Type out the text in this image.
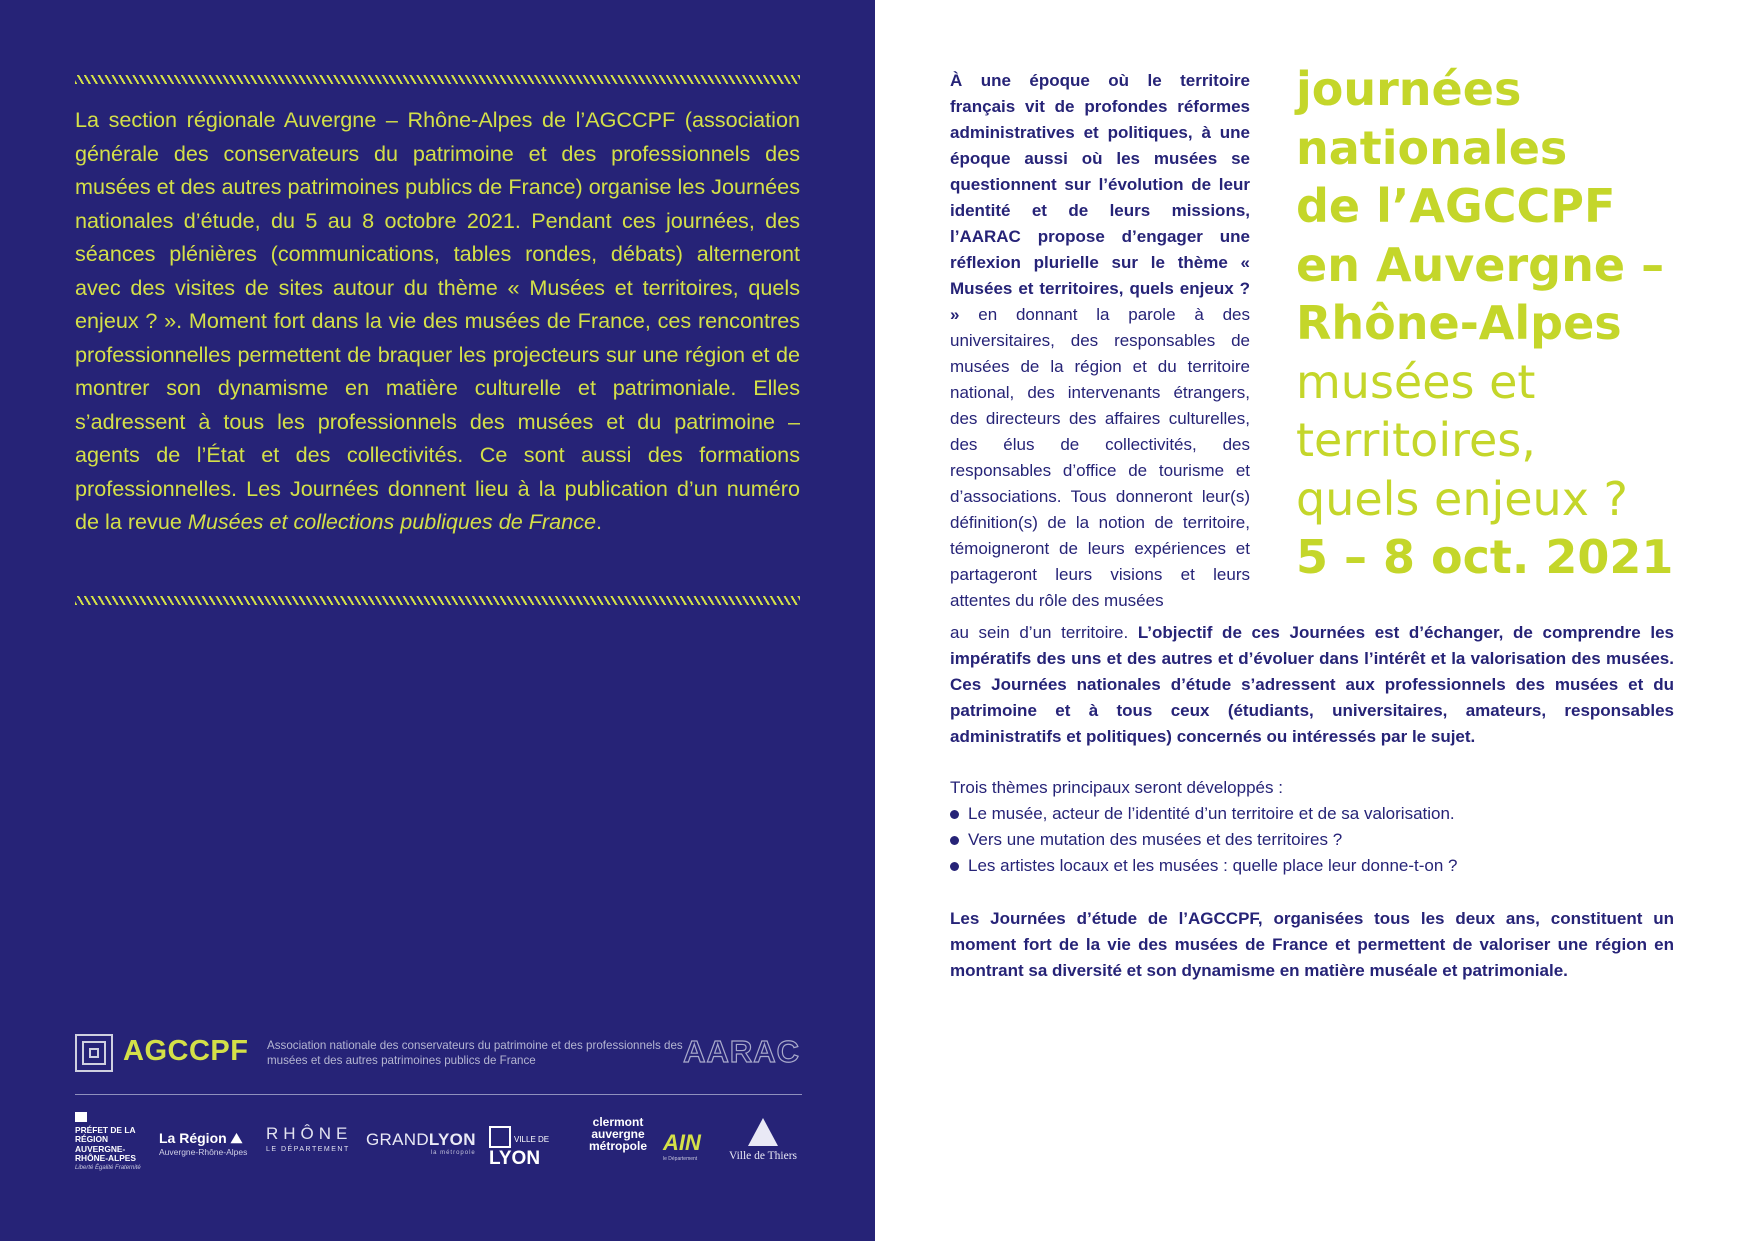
La section régionale Auvergne – Rhône-Alpes de l’AGCCPF (association générale des conservateurs du patrimoine et des professionnels des musées et des autres patrimoines publics de France) organise les Journées nationales d’étude, du 5 au 8 octobre 2021. Pendant ces journées, des séances plénières (communications, tables rondes, débats) alterneront avec des visites de sites autour du thème « Musées et territoires, quels enjeux ? ». Moment fort dans la vie des musées de France, ces rencontres professionnelles permettent de braquer les projecteurs sur une région et de montrer son dynamisme en matière culturelle et patrimoniale. Elles s’adressent à tous les professionnels des musées et du patrimoine – agents de l’État et des collectivités. Ce sont aussi des formations professionnelles. Les Journées donnent lieu à la publication d’un numéro de la revue Musées et collections publiques de France.

AGCCPF Association nationale des conservateurs du patrimoine et des professionnels des musées et des autres patrimoines publics de France	AARAC
PRÉFET DE LA RÉGION AUVERGNE-RHÔNE-ALPES
Liberté Égalité Fraternité
La Région ⛰
Auvergne-Rhône-Alpes
RHÔNE
LE DÉPARTEMENT
GRANDLYON
la métropole
VILLE DE
LYON
clermont auvergne métropole AIN
le Département	Ville de Thiers

À une époque où le territoire français vit de profondes réformes administratives et politiques, à une époque aussi où les musées se questionnent sur l’évolution de leur identité et de leurs missions, l’AARAC propose d’engager une réflexion plurielle sur le thème « Musées et territoires, quels enjeux ? » en donnant la parole à des universitaires, des responsables de musées de la région et du territoire national, des intervenants étrangers, des directeurs des affaires culturelles, des élus de collectivités, des responsables d’office de tourisme et d’associations. Tous donneront leur(s) définition(s) de la notion de territoire, témoigneront de leurs expériences et partageront leurs visions et leurs attentes du rôle des musées

journées
nationales
de l’AGCCPF
en Auvergne –
Rhône-Alpes
musées et
territoires,
quels enjeux ?
5 – 8 oct. 2021

au sein d’un territoire. L’objectif de ces Journées est d’échanger, de comprendre les impératifs des uns et des autres et d’évoluer dans l’intérêt et la valorisation des musées. Ces Journées nationales d’étude s’adressent aux professionnels des musées et du patrimoine et à tous ceux (étudiants, universitaires, amateurs, responsables administratifs et politiques) concernés ou intéressés par le sujet.

Trois thèmes principaux seront développés :

Le musée, acteur de l’identité d’un territoire et de sa valorisation.
Vers une mutation des musées et des territoires ?
Les artistes locaux et les musées : quelle place leur donne-t-on ?

Les Journées d’étude de l’AGCCPF, organisées tous les deux ans, constituent un moment fort de la vie des musées de France et permettent de valoriser une région en montrant sa diversité et son dynamisme en matière muséale et patrimoniale.
